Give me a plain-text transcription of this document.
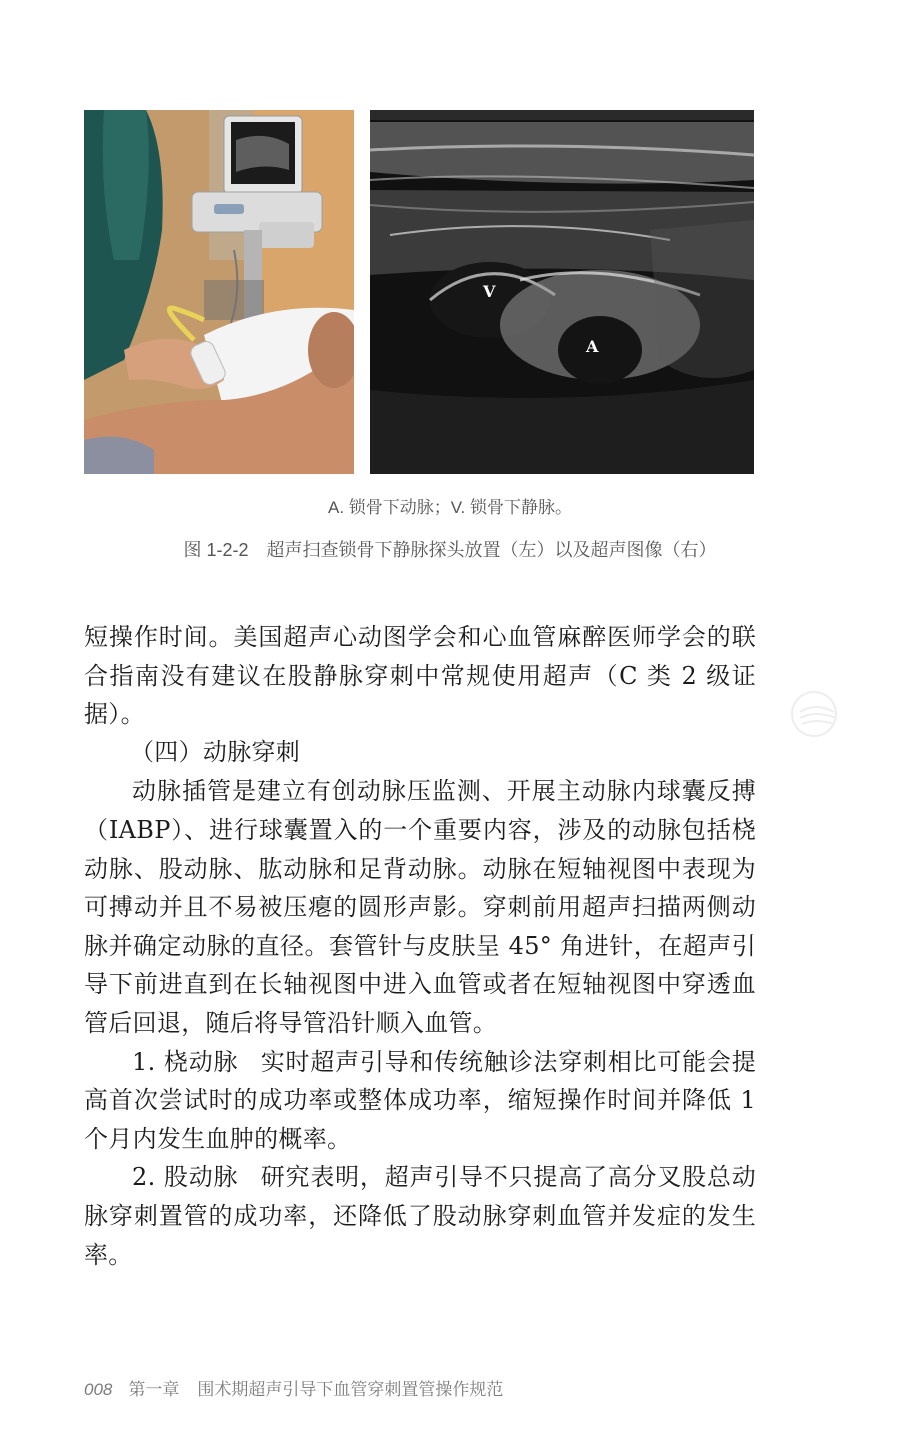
V
A
A. 锁骨下动脉；V. 锁骨下静脉。
图 1-2-2 超声扫查锁骨下静脉探头放置（左）以及超声图像（右）

短操作时间。美国超声心动图学会和心血管麻醉医师学会的联合指南没有建议在股静脉穿刺中常规使用超声（C 类 2 级证据）。

（四）动脉穿刺

动脉插管是建立有创动脉压监测、开展主动脉内球囊反搏（IABP）、进行球囊置入的一个重要内容，涉及的动脉包括桡动脉、股动脉、肱动脉和足背动脉。动脉在短轴视图中表现为可搏动并且不易被压瘪的圆形声影。穿刺前用超声扫描两侧动脉并确定动脉的直径。套管针与皮肤呈 45° 角进针，在超声引导下前进直到在长轴视图中进入血管或者在短轴视图中穿透血管后回退，随后将导管沿针顺入血管。

1. 桡动脉 实时超声引导和传统触诊法穿刺相比可能会提高首次尝试时的成功率或整体成功率，缩短操作时间并降低 1 个月内发生血肿的概率。

2. 股动脉 研究表明，超声引导不只提高了高分叉股总动脉穿刺置管的成功率，还降低了股动脉穿刺血管并发症的发生率。

008 第一章 围术期超声引导下血管穿刺置管操作规范
